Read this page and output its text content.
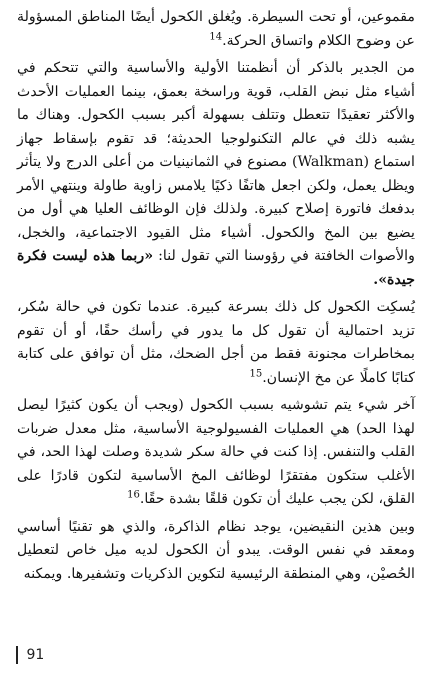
مقموعين، أو تحت السيطرة. ويُغلق الكحول أيضًا المناطق المسؤولة عن وضوح الكلام واتساق الحركة.$^{14}$

من الجدير بالذكر أن أنظمتنا الأولية والأساسية والتي تتحكم في أشياء مثل نبض القلب، قوية وراسخة بعمق، بينما العمليات الأحدث والأكثر تعقيدًا تتعطل وتتلف بسهولة أكبر بسبب الكحول. وهناك ما يشبه ذلك في عالم التكنولوجيا الحديثة؛ قد تقوم بإسقاط جهاز استماع (Walkman) مصنوع في الثمانينيات من أعلى الدرج ولا يتأثر ويظل يعمل، ولكن اجعل هاتفًا ذكيًا يلامس زاوية طاولة وينتهي الأمر بدفعك فاتورة إصلاح كبيرة. ولذلك فإن الوظائف العليا هي أول من يضيع بين المخ والكحول. أشياء مثل القيود الاجتماعية، والخجل، والأصوات الخافتة في رؤوسنا التي تقول لنا: «ربما هذه ليست فكرة جيدة».

يُسكِت الكحول كل ذلك بسرعة كبيرة. عندما تكون في حالة سُكر، تزيد احتمالية أن تقول كل ما يدور في رأسك حقًا، أو أن تقوم بمخاطرات مجنونة فقط من أجل الضحك، مثل أن توافق على كتابة كتابًا كاملًا عن مخ الإنسان.$^{15}$

آخر شيء يتم تشوشيه بسبب الكحول (ويجب أن يكون كثيرًا ليصل لهذا الحد) هي العمليات الفسيولوجية الأساسية، مثل معدل ضربات القلب والتنفس. إذا كنت في حالة سكر شديدة وصلت لهذا الحد، في الأغلب ستكون مفتقرًا لوظائف المخ الأساسية لتكون قادرًا على القلق، لكن يجب عليك أن تكون قلقًا بشدة حقًا.$^{16}$

وبين هذين النقيضين، يوجد نظام الذاكرة، والذي هو تقنيًا أساسي ومعقد في نفس الوقت. يبدو أن الكحول لديه ميل خاص لتعطيل الحُصيْن، وهي المنطقة الرئيسية لتكوين الذكريات وتشفيرها. ويمكنه

91
